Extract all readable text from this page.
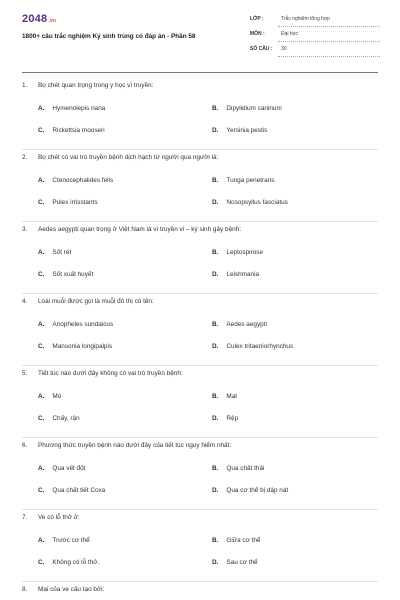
2048.vn
1800+ câu trắc nghiệm Ký sinh trùng có đáp án - Phần 58
LỚP :	Trắc nghiệm tổng hợp
MÔN :	Đại học
SỐ CÂU : 30
1. Bọ chét quan trọng trong y học vì truyền:
A. Hymenolepis nana	B. Dipylidium caninum
C. Rickettsia mooseri	D. Yersinia pestis
2. Bọ chét có vai trò truyền bệnh dịch hạch từ người qua người là:
A. Ctenocephalides felis	B. Tunga penetrans
C. Pulex irrisstants	D. Nosopsyllus fasciatus
3. Aedes aegypti quan trọng ở Việt Nam là vì truyền vi – ký sinh gây bệnh:
A. Sốt rét	B. Leptospirose
C. Sốt xuất huyết	D. Leishmania
4. Loài muỗi được gọi là muỗi đô thị có tên:
A. Anopheles sundaicus	B. Aedes aegypti
C. Mansonia longipalpis	D. Culex tritaeniorhynchus
5. Tiết túc nào dưới đây không có vai trò truyền bệnh:
A. Mò	B. Mạt
C. Chấy, rận	D. Rệp
6. Phương thức truyền bệnh nào dưới đây của tiết túc nguy hiểm nhất:
A. Qua vết đốt	B. Qua chất thải
C. Qua chất tiết Coxa	D. Qua cơ thể bị dập nát
7. Ve có lỗ thở ở:
A. Trước cơ thể	B. Giữa cơ thể
C. Không có lỗ thở.	D. Sau cơ thể
8. Mai của ve cấu tạo bởi:
